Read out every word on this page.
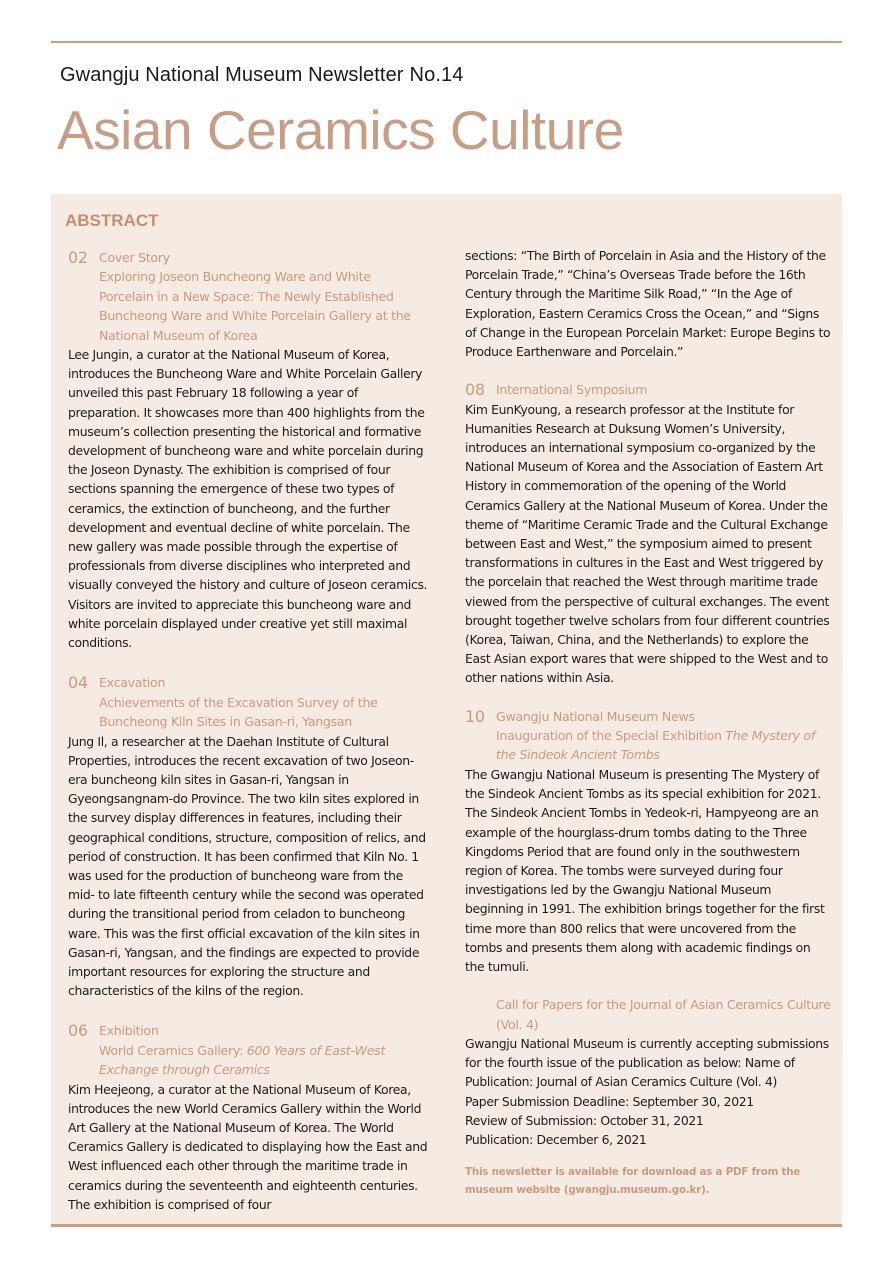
Gwangju National Museum Newsletter No.14
Asian Ceramics Culture
ABSTRACT
02 Cover Story
Exploring Joseon Buncheong Ware and White Porcelain in a New Space: The Newly Established Buncheong Ware and White Porcelain Gallery at the National Museum of Korea

Lee Jungin, a curator at the National Museum of Korea, introduces the Buncheong Ware and White Porcelain Gallery unveiled this past February 18 following a year of preparation. It showcases more than 400 highlights from the museum’s collection presenting the historical and formative development of buncheong ware and white porcelain during the Joseon Dynasty. The exhibition is comprised of four sections spanning the emergence of these two types of ceramics, the extinction of buncheong, and the further development and eventual decline of white porcelain. The new gallery was made possible through the expertise of professionals from diverse disciplines who interpreted and visually conveyed the history and culture of Joseon ceramics. Visitors are invited to appreciate this buncheong ware and white porcelain displayed under creative yet still maximal conditions.

04 Excavation
Achievements of the Excavation Survey of the Buncheong Kiln Sites in Gasan-ri, Yangsan

Jung Il, a researcher at the Daehan Institute of Cultural Properties, introduces the recent excavation of two Joseon-era buncheong kiln sites in Gasan-ri, Yangsan in Gyeongsangnam-do Province. The two kiln sites explored in the survey display differences in features, including their geographical conditions, structure, composition of relics, and period of construction. It has been confirmed that Kiln No. 1 was used for the production of buncheong ware from the mid- to late fifteenth century while the second was operated during the transitional period from celadon to buncheong ware. This was the first official excavation of the kiln sites in Gasan-ri, Yangsan, and the findings are expected to provide important resources for exploring the structure and characteristics of the kilns of the region.

06 Exhibition
World Ceramics Gallery: 600 Years of East-West Exchange through Ceramics

Kim Heejeong, a curator at the National Museum of Korea, introduces the new World Ceramics Gallery within the World Art Gallery at the National Museum of Korea. The World Ceramics Gallery is dedicated to displaying how the East and West influenced each other through the maritime trade in ceramics during the seventeenth and eighteenth centuries. The exhibition is comprised of four

sections: “The Birth of Porcelain in Asia and the History of the Porcelain Trade,” “China’s Overseas Trade before the 16th Century through the Maritime Silk Road,” “In the Age of Exploration, Eastern Ceramics Cross the Ocean,” and “Signs of Change in the European Porcelain Market: Europe Begins to Produce Earthenware and Porcelain.”

08 International Symposium

Kim EunKyoung, a research professor at the Institute for Humanities Research at Duksung Women’s University, introduces an international symposium co-organized by the National Museum of Korea and the Association of Eastern Art History in commemoration of the opening of the World Ceramics Gallery at the National Museum of Korea. Under the theme of “Maritime Ceramic Trade and the Cultural Exchange between East and West,” the symposium aimed to present transformations in cultures in the East and West triggered by the porcelain that reached the West through maritime trade viewed from the perspective of cultural exchanges. The event brought together twelve scholars from four different countries (Korea, Taiwan, China, and the Netherlands) to explore the East Asian export wares that were shipped to the West and to other nations within Asia.

10 Gwangju National Museum News
Inauguration of the Special Exhibition The Mystery of the Sindeok Ancient Tombs

The Gwangju National Museum is presenting The Mystery of the Sindeok Ancient Tombs as its special exhibition for 2021. The Sindeok Ancient Tombs in Yedeok-ri, Hampyeong are an example of the hourglass-drum tombs dating to the Three Kingdoms Period that are found only in the southwestern region of Korea. The tombs were surveyed during four investigations led by the Gwangju National Museum beginning in 1991. The exhibition brings together for the first time more than 800 relics that were uncovered from the tombs and presents them along with academic findings on the tumuli.

Call for Papers for the Journal of Asian Ceramics Culture (Vol. 4)

Gwangju National Museum is currently accepting submissions for the fourth issue of the publication as below: Name of Publication: Journal of Asian Ceramics Culture (Vol. 4)

Paper Submission Deadline: September 30, 2021

Review of Submission: October 31, 2021

Publication: December 6, 2021

This newsletter is available for download as a PDF from the museum website (gwangju.museum.go.kr).
